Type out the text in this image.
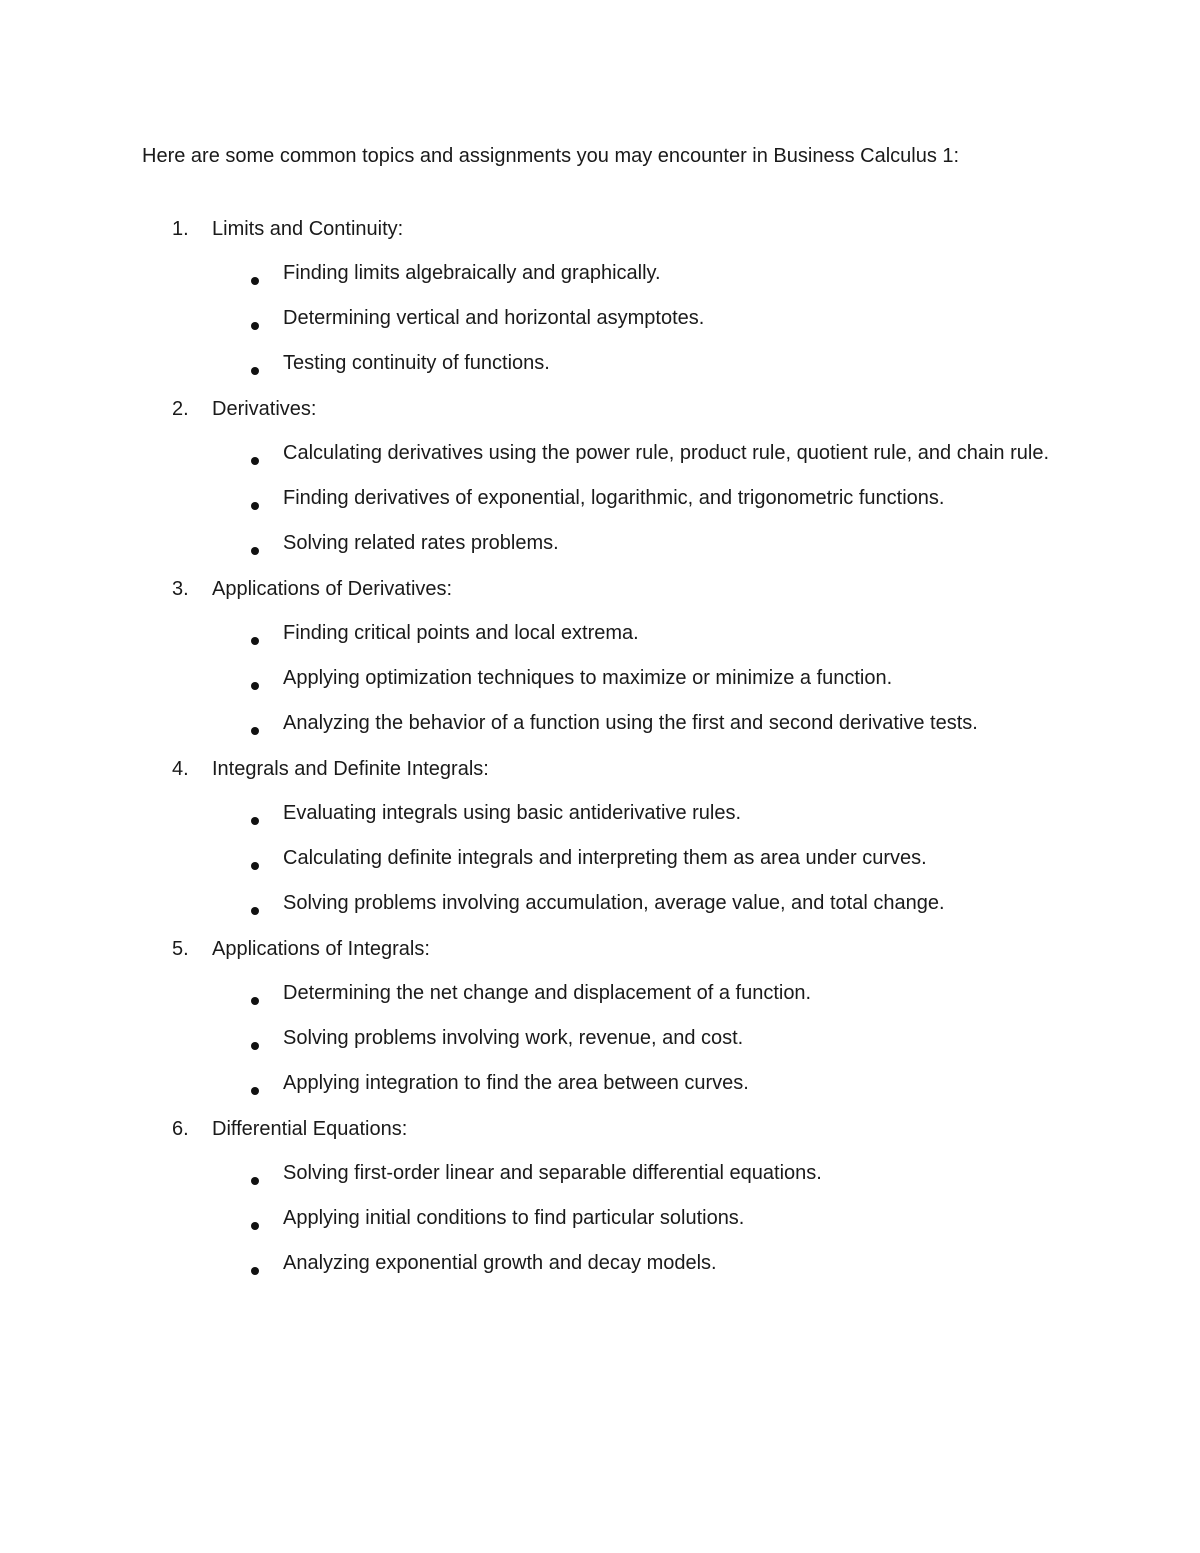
Here are some common topics and assignments you may encounter in Business Calculus 1:
1.	Limits and Continuity:
Finding limits algebraically and graphically.
Determining vertical and horizontal asymptotes.
Testing continuity of functions.
2.	Derivatives:
Calculating derivatives using the power rule, product rule, quotient rule, and chain rule.
Finding derivatives of exponential, logarithmic, and trigonometric functions.
Solving related rates problems.
3.	Applications of Derivatives:
Finding critical points and local extrema.
Applying optimization techniques to maximize or minimize a function.
Analyzing the behavior of a function using the first and second derivative tests.
4.	Integrals and Definite Integrals:
Evaluating integrals using basic antiderivative rules.
Calculating definite integrals and interpreting them as area under curves.
Solving problems involving accumulation, average value, and total change.
5.	Applications of Integrals:
Determining the net change and displacement of a function.
Solving problems involving work, revenue, and cost.
Applying integration to find the area between curves.
6.	Differential Equations:
Solving first-order linear and separable differential equations.
Applying initial conditions to find particular solutions.
Analyzing exponential growth and decay models.
